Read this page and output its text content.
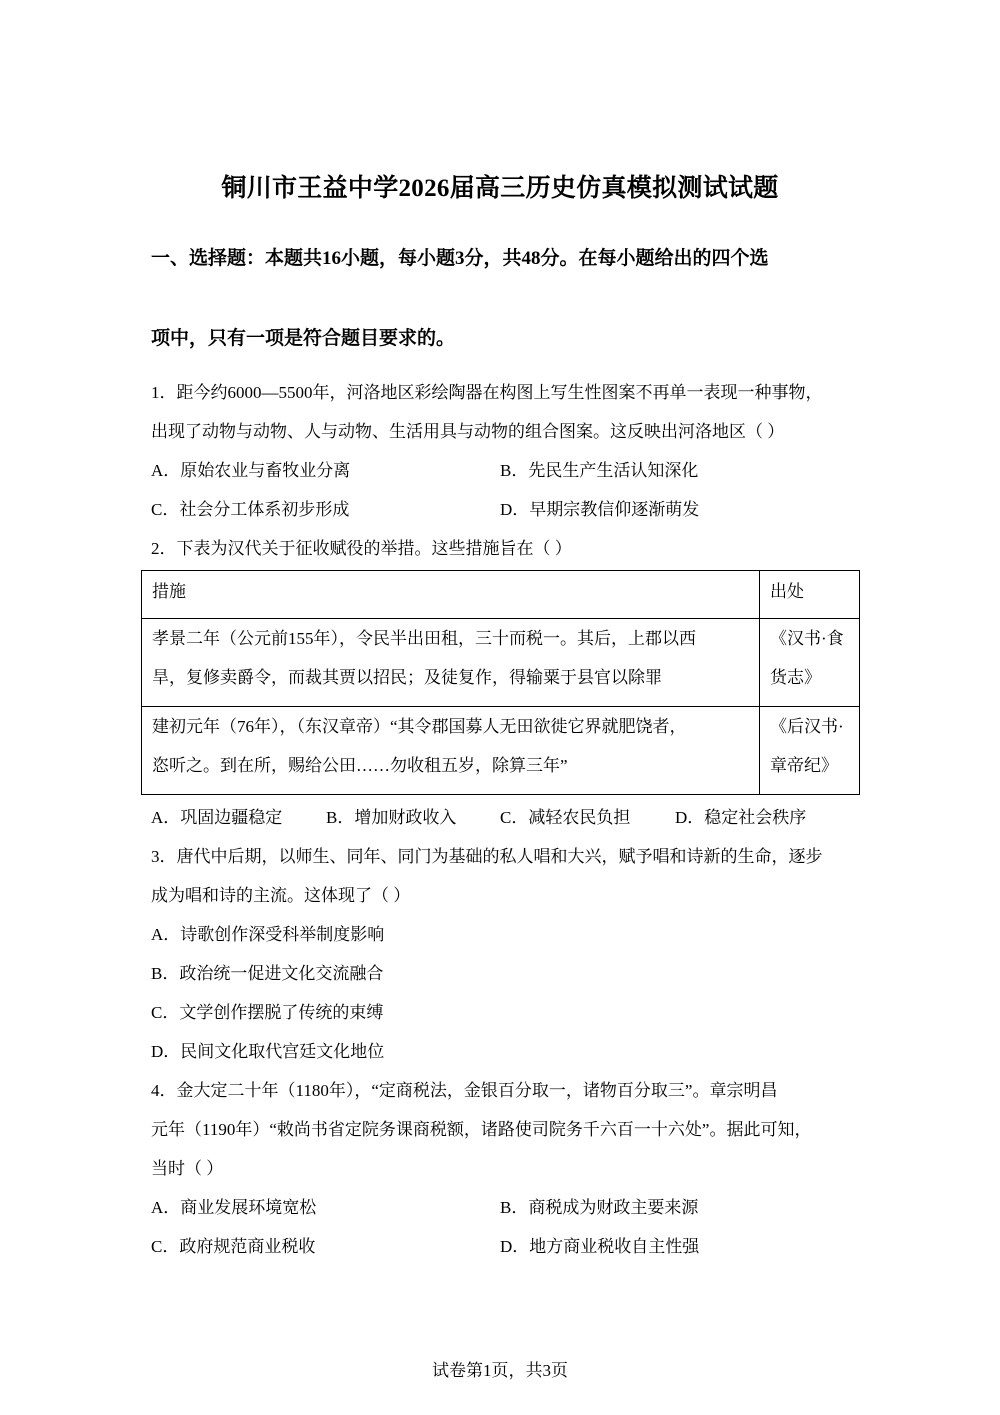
铜川市王益中学2026届高三历史仿真模拟测试试题
一、选择题：本题共16小题，每小题3分，共48分。在每小题给出的四个选
项中，只有一项是符合题目要求的。
1．距今约6000—5500年，河洛地区彩绘陶器在构图上写生性图案不再单一表现一种事物，
出现了动物与动物、人与动物、生活用具与动物的组合图案。这反映出河洛地区（ ）
A．原始农业与畜牧业分离	B．先民生产生活认知深化
C．社会分工体系初步形成	D．早期宗教信仰逐渐萌发
2．下表为汉代关于征收赋役的举措。这些措施旨在（ ）
措施	出处

孝景二年（公元前155年），令民半出田租，三十而税一。其后，上郡以西
旱，复修卖爵令，而裁其贾以招民；及徒复作，得输粟于县官以除罪	《汉书·食
货志》

建初元年（76年），（东汉章帝）“其令郡国募人无田欲徙它界就肥饶者，
恣听之。到在所，赐给公田……勿收租五岁，除算三年”	《后汉书·
章帝纪》
A．巩固边疆稳定	B．增加财政收入	C．减轻农民负担	D．稳定社会秩序
3．唐代中后期，以师生、同年、同门为基础的私人唱和大兴，赋予唱和诗新的生命，逐步
成为唱和诗的主流。这体现了（ ）
A．诗歌创作深受科举制度影响
B．政治统一促进文化交流融合
C．文学创作摆脱了传统的束缚
D．民间文化取代宫廷文化地位
4．金大定二十年（1180年），“定商税法，金银百分取一，诸物百分取三”。章宗明昌
元年（1190年）“敕尚书省定院务课商税额，诸路使司院务千六百一十六处”。据此可知，
当时（ ）
A．商业发展环境宽松	B．商税成为财政主要来源
C．政府规范商业税收	D．地方商业税收自主性强
试卷第1页，共3页
